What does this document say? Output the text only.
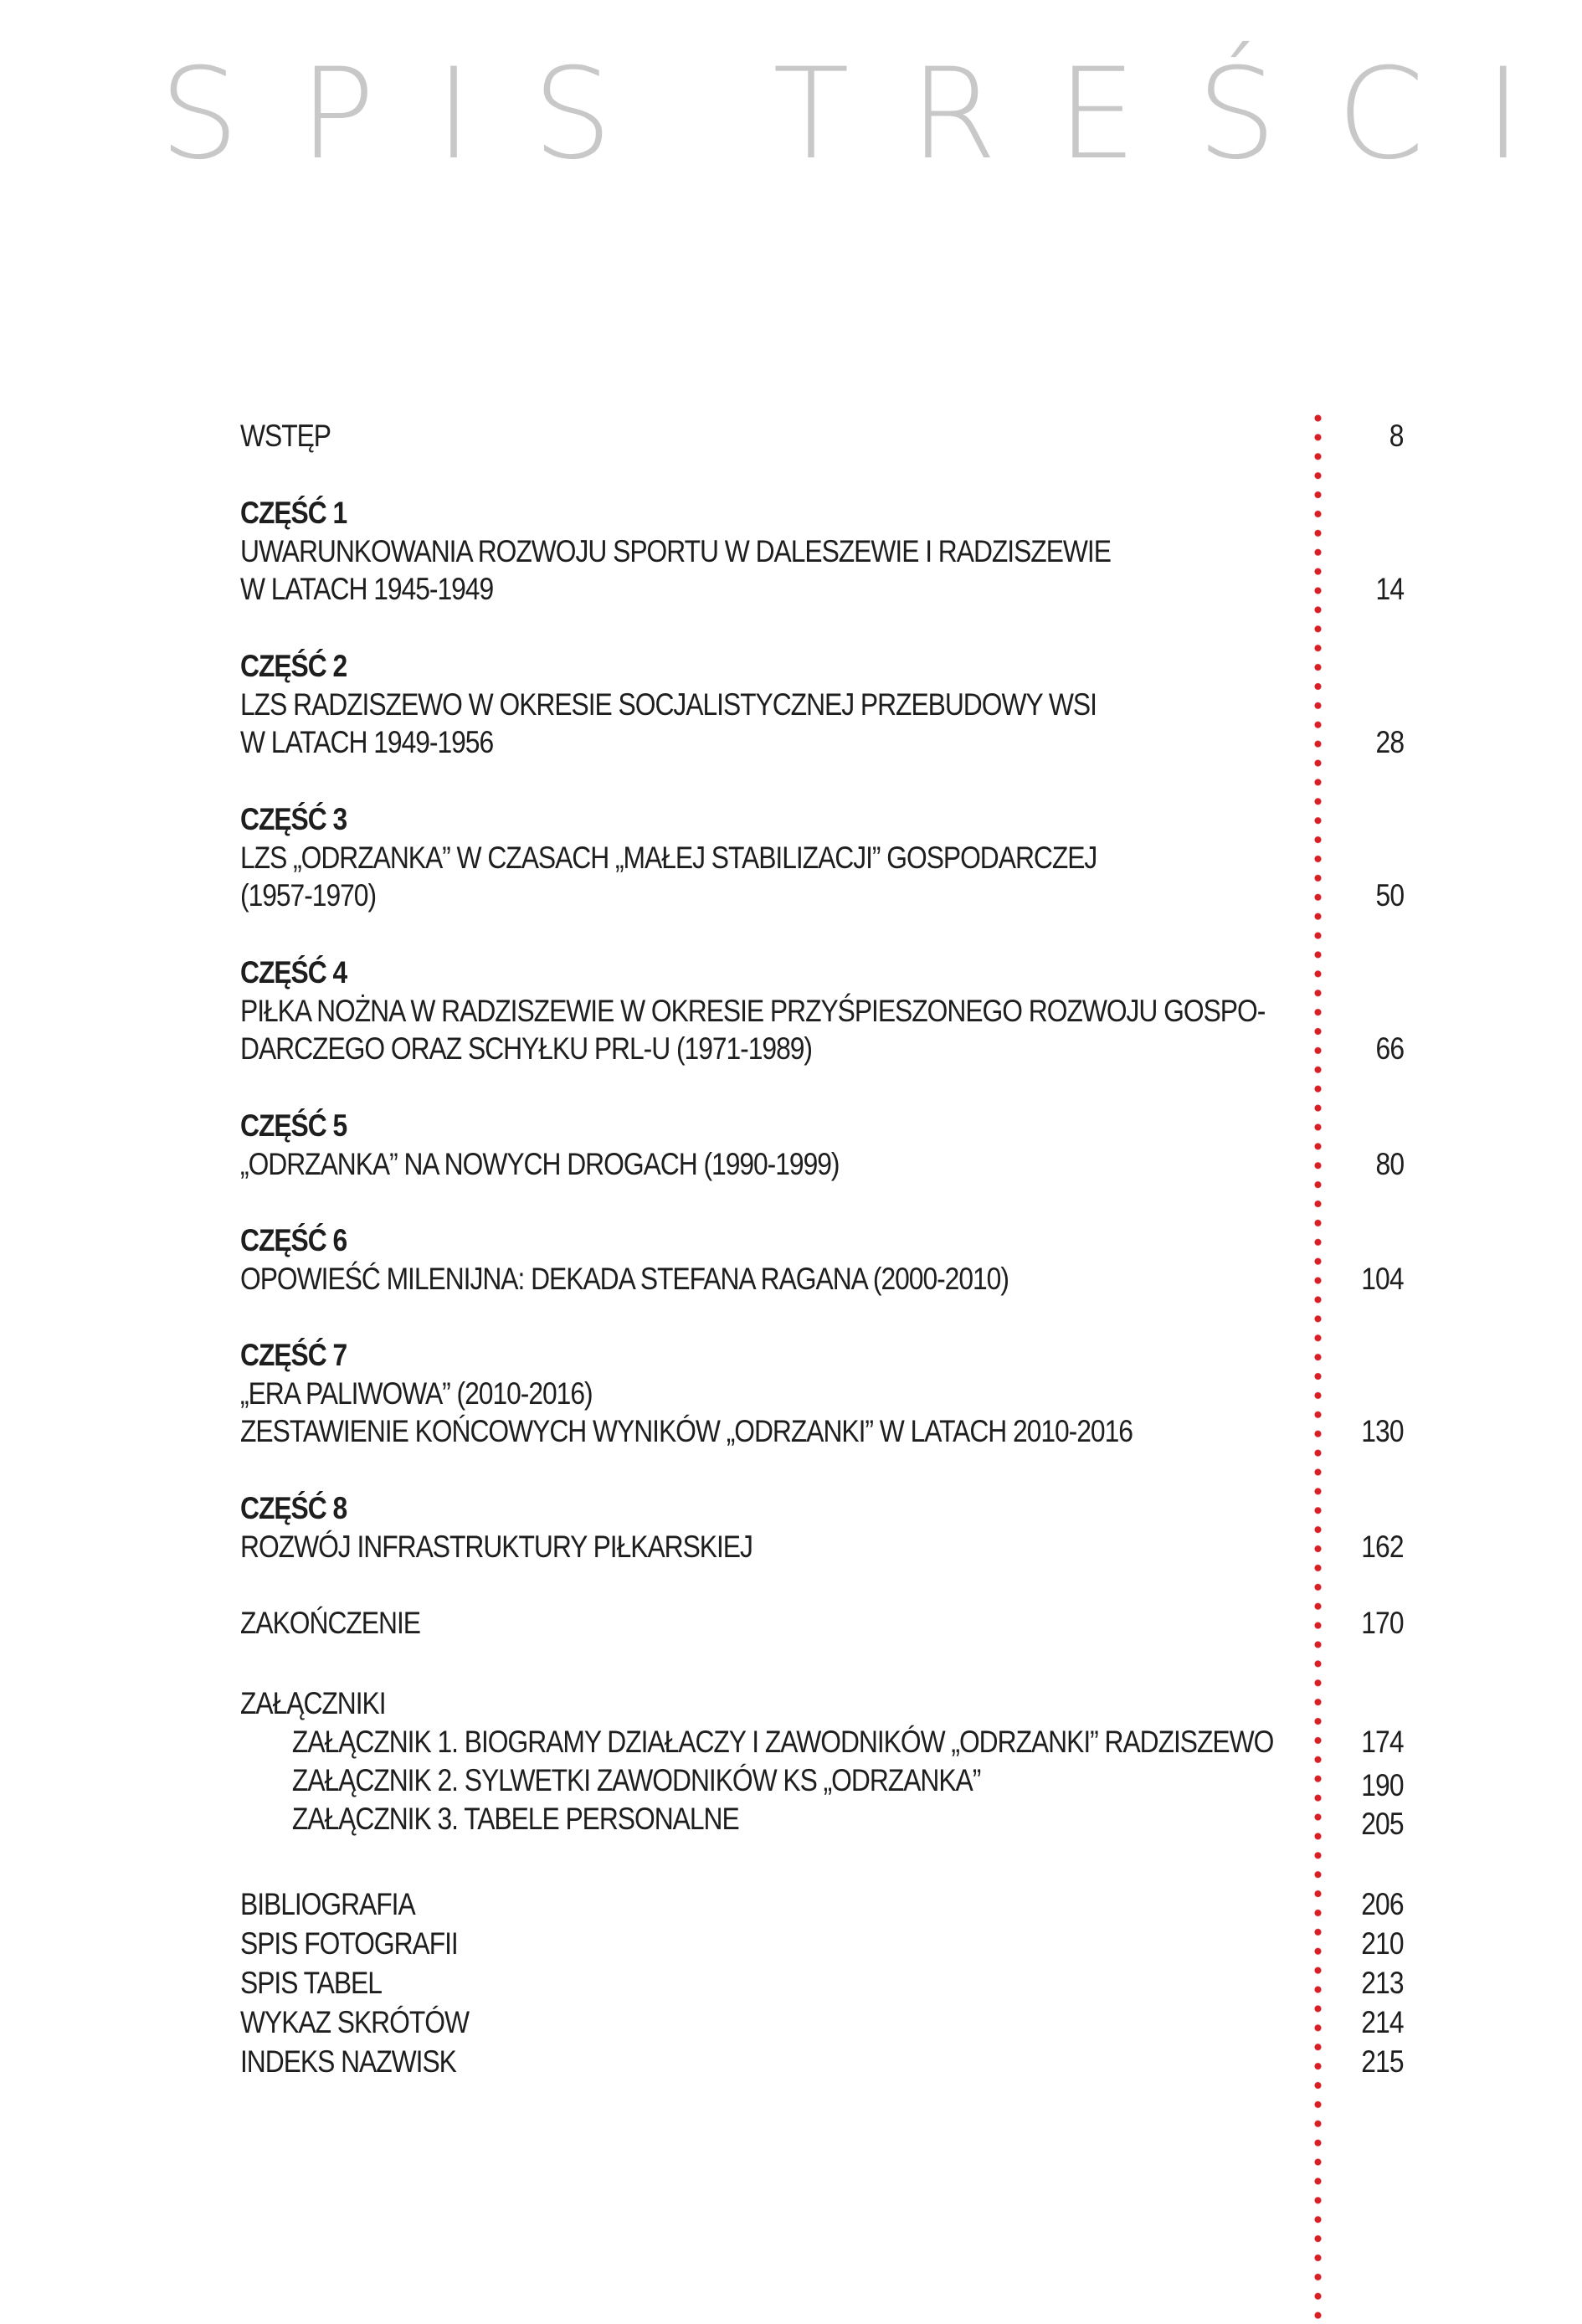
SPIS TREŚCI
WSTĘP	8
CZĘŚĆ 1
UWARUNKOWANIA ROZWOJU SPORTU W DALESZEWIE I RADZISZEWIE
W LATACH 1945-1949	14
CZĘŚĆ 2
LZS RADZISZEWO W OKRESIE SOCJALISTYCZNEJ PRZEBUDOWY WSI
W LATACH 1949-1956	28
CZĘŚĆ 3
LZS „ODRZANKA” W CZASACH „MAŁEJ STABILIZACJI” GOSPODARCZEJ
(1957-1970)	50
CZĘŚĆ 4
PIŁKA NOŻNA W RADZISZEWIE W OKRESIE PRZYŚPIESZONEGO ROZWOJU GOSPO-
DARCZEGO ORAZ SCHYŁKU PRL-U (1971-1989)	66
CZĘŚĆ 5
„ODRZANKA” NA NOWYCH DROGACH (1990-1999)	80
CZĘŚĆ 6
OPOWIEŚĆ MILENIJNA: DEKADA STEFANA RAGANA (2000-2010)	104
CZĘŚĆ 7
„ERA PALIWOWA” (2010-2016)
ZESTAWIENIE KOŃCOWYCH WYNIKÓW „ODRZANKI” W LATACH 2010-2016	130
CZĘŚĆ 8
ROZWÓJ INFRASTRUKTURY PIŁKARSKIEJ	162
ZAKOŃCZENIE	170
ZAŁĄCZNIKI
ZAŁĄCZNIK 1. BIOGRAMY DZIAŁACZY I ZAWODNIKÓW „ODRZANKI” RADZISZEWO	174
ZAŁĄCZNIK 2. SYLWETKI ZAWODNIKÓW KS „ODRZANKA”	190
ZAŁĄCZNIK 3. TABELE PERSONALNE	205
BIBLIOGRAFIA	206
SPIS FOTOGRAFII	210
SPIS TABEL	213
WYKAZ SKRÓTÓW	214
INDEKS NAZWISK	215
